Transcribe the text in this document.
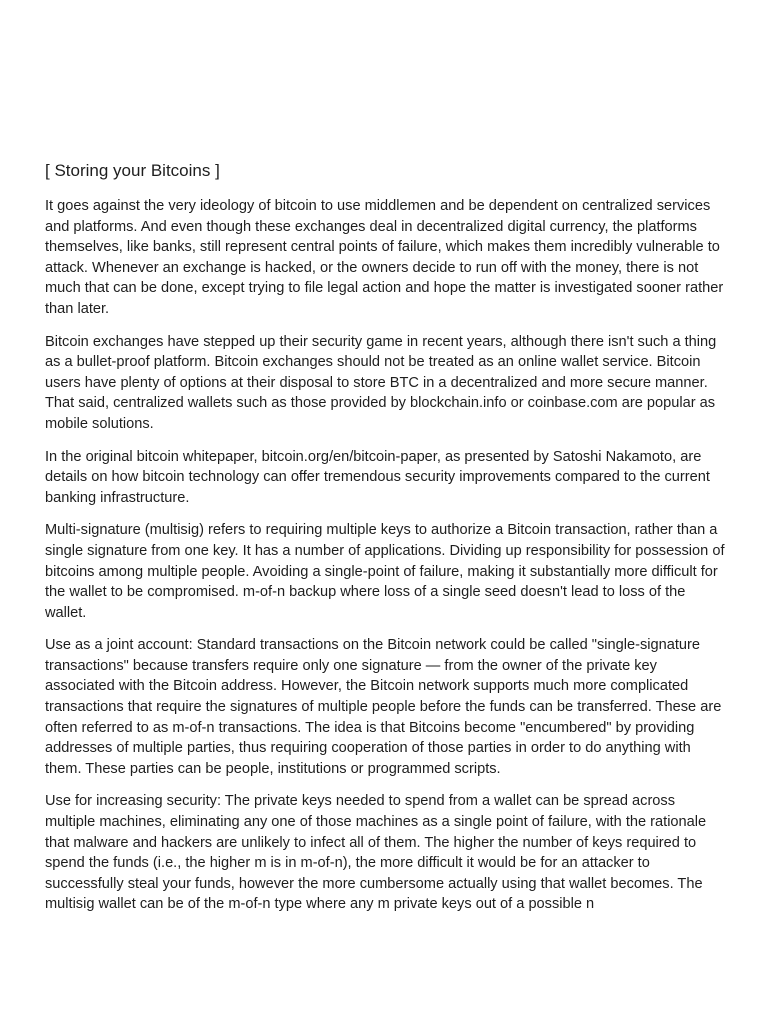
[ Storing your Bitcoins ]

It goes against the very ideology of bitcoin to use middlemen and be dependent on centralized services and platforms. And even though these exchanges deal in decentralized digital currency, the platforms themselves, like banks, still represent central points of failure, which makes them incredibly vulnerable to attack. Whenever an exchange is hacked, or the owners decide to run off with the money, there is not much that can be done, except trying to file legal action and hope the matter is investigated sooner rather than later.

Bitcoin exchanges have stepped up their security game in recent years, although there isn't such a thing as a bullet-proof platform. Bitcoin exchanges should not be treated as an online wallet service. Bitcoin users have plenty of options at their disposal to store BTC in a decentralized and more secure manner. That said, centralized wallets such as those provided by blockchain.info or coinbase.com are popular as mobile solutions.

In the original bitcoin whitepaper, bitcoin.org/en/bitcoin-paper, as presented by Satoshi Nakamoto, are details on how bitcoin technology can offer tremendous security improvements compared to the current banking infrastructure.

Multi-signature (multisig) refers to requiring multiple keys to authorize a Bitcoin transaction, rather than a single signature from one key. It has a number of applications. Dividing up responsibility for possession of bitcoins among multiple people. Avoiding a single-point of failure, making it substantially more difficult for the wallet to be compromised. m-of-n backup where loss of a single seed doesn't lead to loss of the wallet.

Use as a joint account: Standard transactions on the Bitcoin network could be called "single-signature transactions" because transfers require only one signature — from the owner of the private key associated with the Bitcoin address. However, the Bitcoin network supports much more complicated transactions that require the signatures of multiple people before the funds can be transferred. These are often referred to as m-of-n transactions. The idea is that Bitcoins become "encumbered" by providing addresses of multiple parties, thus requiring cooperation of those parties in order to do anything with them. These parties can be people, institutions or programmed scripts.

Use for increasing security: The private keys needed to spend from a wallet can be spread across multiple machines, eliminating any one of those machines as a single point of failure, with the rationale that malware and hackers are unlikely to infect all of them. The higher the number of keys required to spend the funds (i.e., the higher m is in m-of-n), the more difficult it would be for an attacker to successfully steal your funds, however the more cumbersome actually using that wallet becomes. The multisig wallet can be of the m-of-n type where any m private keys out of a possible n
